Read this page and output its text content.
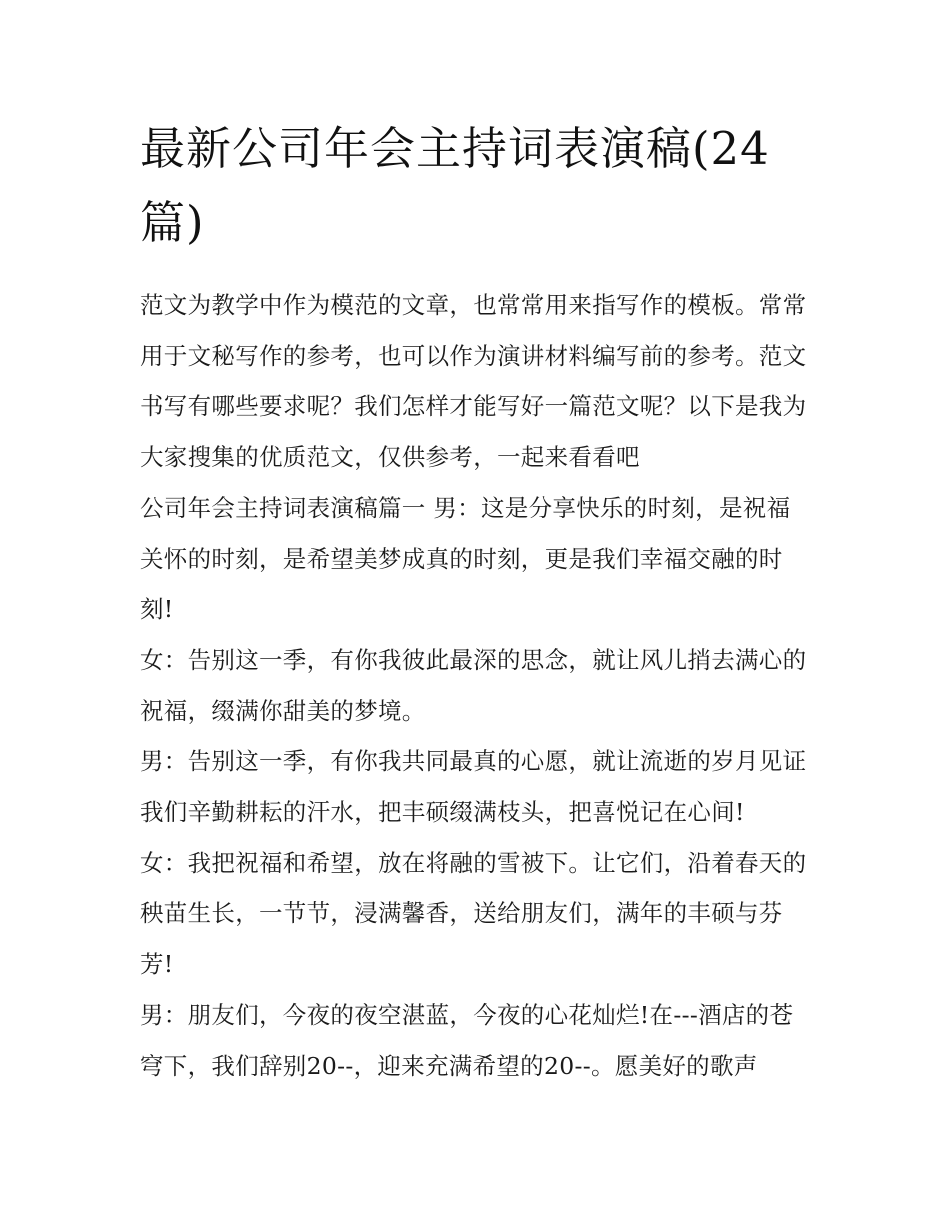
最新公司年会主持词表演稿(24篇)

范文为教学中作为模范的文章，也常常用来指写作的模板。常常用于文秘写作的参考，也可以作为演讲材料编写前的参考。范文书写有哪些要求呢？我们怎样才能写好一篇范文呢？以下是我为大家搜集的优质范文，仅供参考，一起来看看吧

公司年会主持词表演稿篇一 男：这是分享快乐的时刻，是祝福关怀的时刻，是希望美梦成真的时刻，更是我们幸福交融的时刻!

女：告别这一季，有你我彼此最深的思念，就让风儿捎去满心的祝福，缀满你甜美的梦境。

男：告别这一季，有你我共同最真的心愿，就让流逝的岁月见证我们辛勤耕耘的汗水，把丰硕缀满枝头，把喜悦记在心间!

女：我把祝福和希望，放在将融的雪被下。让它们，沿着春天的秧苗生长，一节节，浸满馨香，送给朋友们，满年的丰硕与芬芳!

男：朋友们，今夜的夜空湛蓝，今夜的心花灿烂!在---酒店的苍穹下，我们辞别20--，迎来充满希望的20--。愿美好的歌声
